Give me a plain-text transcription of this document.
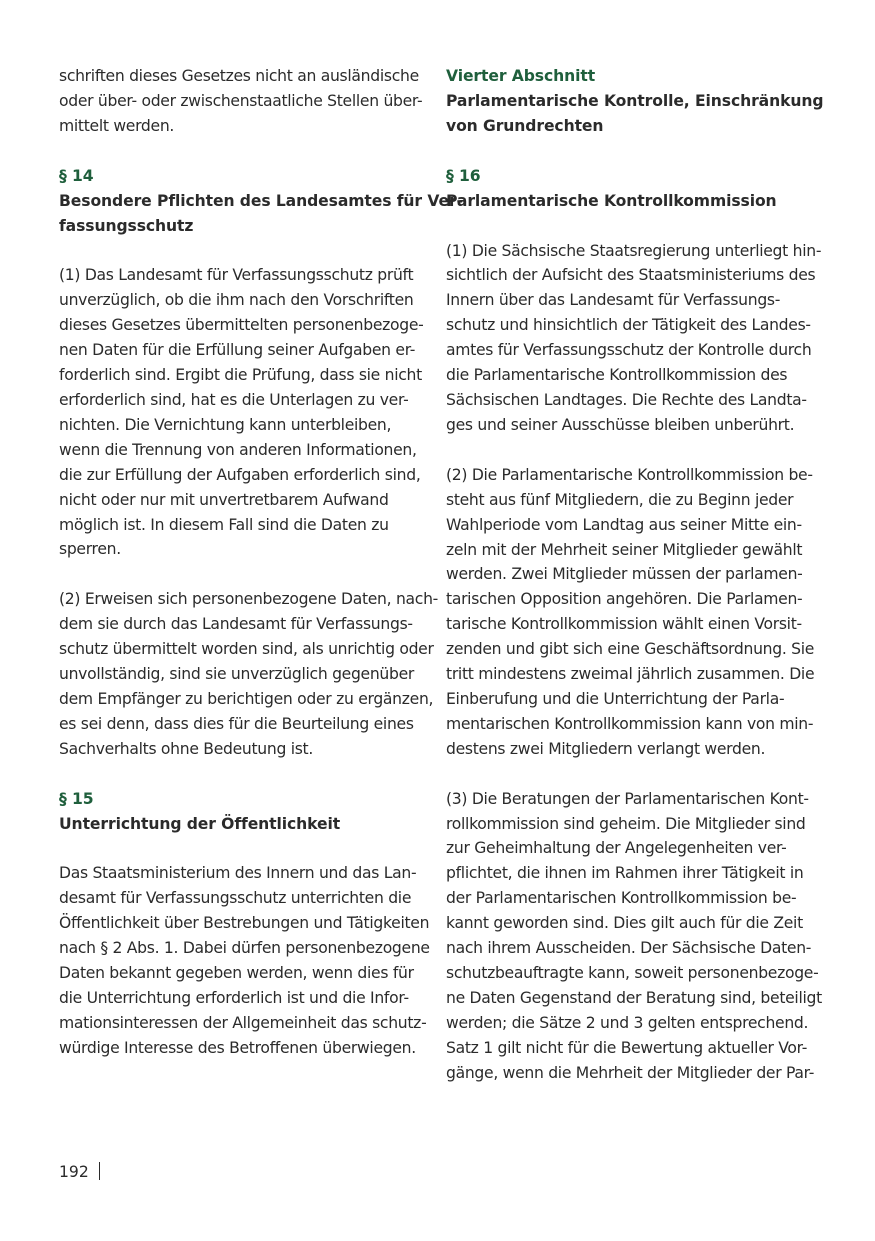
schriften dieses Gesetzes nicht an ausländische
oder über- oder zwischenstaatliche Stellen über-
mittelt werden.
§ 14
Besondere Pflichten des Landesamtes für Ver-
fassungsschutz
(1) Das Landesamt für Verfassungsschutz prüft
unverzüglich, ob die ihm nach den Vorschriften
dieses Gesetzes übermittelten personenbezoge-
nen Daten für die Erfüllung seiner Aufgaben er-
forderlich sind. Ergibt die Prüfung, dass sie nicht
erforderlich sind, hat es die Unterlagen zu ver-
nichten. Die Vernichtung kann unterbleiben,
wenn die Trennung von anderen Informationen,
die zur Erfüllung der Aufgaben erforderlich sind,
nicht oder nur mit unvertretbarem Aufwand
möglich ist. In diesem Fall sind die Daten zu
sperren.
(2) Erweisen sich personenbezogene Daten, nach-
dem sie durch das Landesamt für Verfassungs-
schutz übermittelt worden sind, als unrichtig oder
unvollständig, sind sie unverzüglich gegenüber
dem Empfänger zu berichtigen oder zu ergänzen,
es sei denn, dass dies für die Beurteilung eines
Sachverhalts ohne Bedeutung ist.
§ 15
Unterrichtung der Öffentlichkeit
Das Staatsministerium des Innern und das Lan-
desamt für Verfassungsschutz unterrichten die
Öffentlichkeit über Bestrebungen und Tätigkeiten
nach § 2 Abs. 1. Dabei dürfen personenbezogene
Daten bekannt gegeben werden, wenn dies für
die Unterrichtung erforderlich ist und die Infor-
mationsinteressen der Allgemeinheit das schutz-
würdige Interesse des Betroffenen überwiegen.
Vierter Abschnitt
Parlamentarische Kontrolle, Einschränkung
von Grundrechten
§ 16
Parlamentarische Kontrollkommission
(1) Die Sächsische Staatsregierung unterliegt hin-
sichtlich der Aufsicht des Staatsministeriums des
Innern über das Landesamt für Verfassungs-
schutz und hinsichtlich der Tätigkeit des Landes-
amtes für Verfassungsschutz der Kontrolle durch
die Parlamentarische Kontrollkommission des
Sächsischen Landtages. Die Rechte des Landta-
ges und seiner Ausschüsse bleiben unberührt.
(2) Die Parlamentarische Kontrollkommission be-
steht aus fünf Mitgliedern, die zu Beginn jeder
Wahlperiode vom Landtag aus seiner Mitte ein-
zeln mit der Mehrheit seiner Mitglieder gewählt
werden. Zwei Mitglieder müssen der parlamen-
tarischen Opposition angehören. Die Parlamen-
tarische Kontrollkommission wählt einen Vorsit-
zenden und gibt sich eine Geschäftsordnung. Sie
tritt mindestens zweimal jährlich zusammen. Die
Einberufung und die Unterrichtung der Parla-
mentarischen Kontrollkommission kann von min-
destens zwei Mitgliedern verlangt werden.
(3) Die Beratungen der Parlamentarischen Kont-
rollkommission sind geheim. Die Mitglieder sind
zur Geheimhaltung der Angelegenheiten ver-
pflichtet, die ihnen im Rahmen ihrer Tätigkeit in
der Parlamentarischen Kontrollkommission be-
kannt geworden sind. Dies gilt auch für die Zeit
nach ihrem Ausscheiden. Der Sächsische Daten-
schutzbeauftragte kann, soweit personenbezoge-
ne Daten Gegenstand der Beratung sind, beteiligt
werden; die Sätze 2 und 3 gelten entsprechend.
Satz 1 gilt nicht für die Bewertung aktueller Vor-
gänge, wenn die Mehrheit der Mitglieder der Par-
192
